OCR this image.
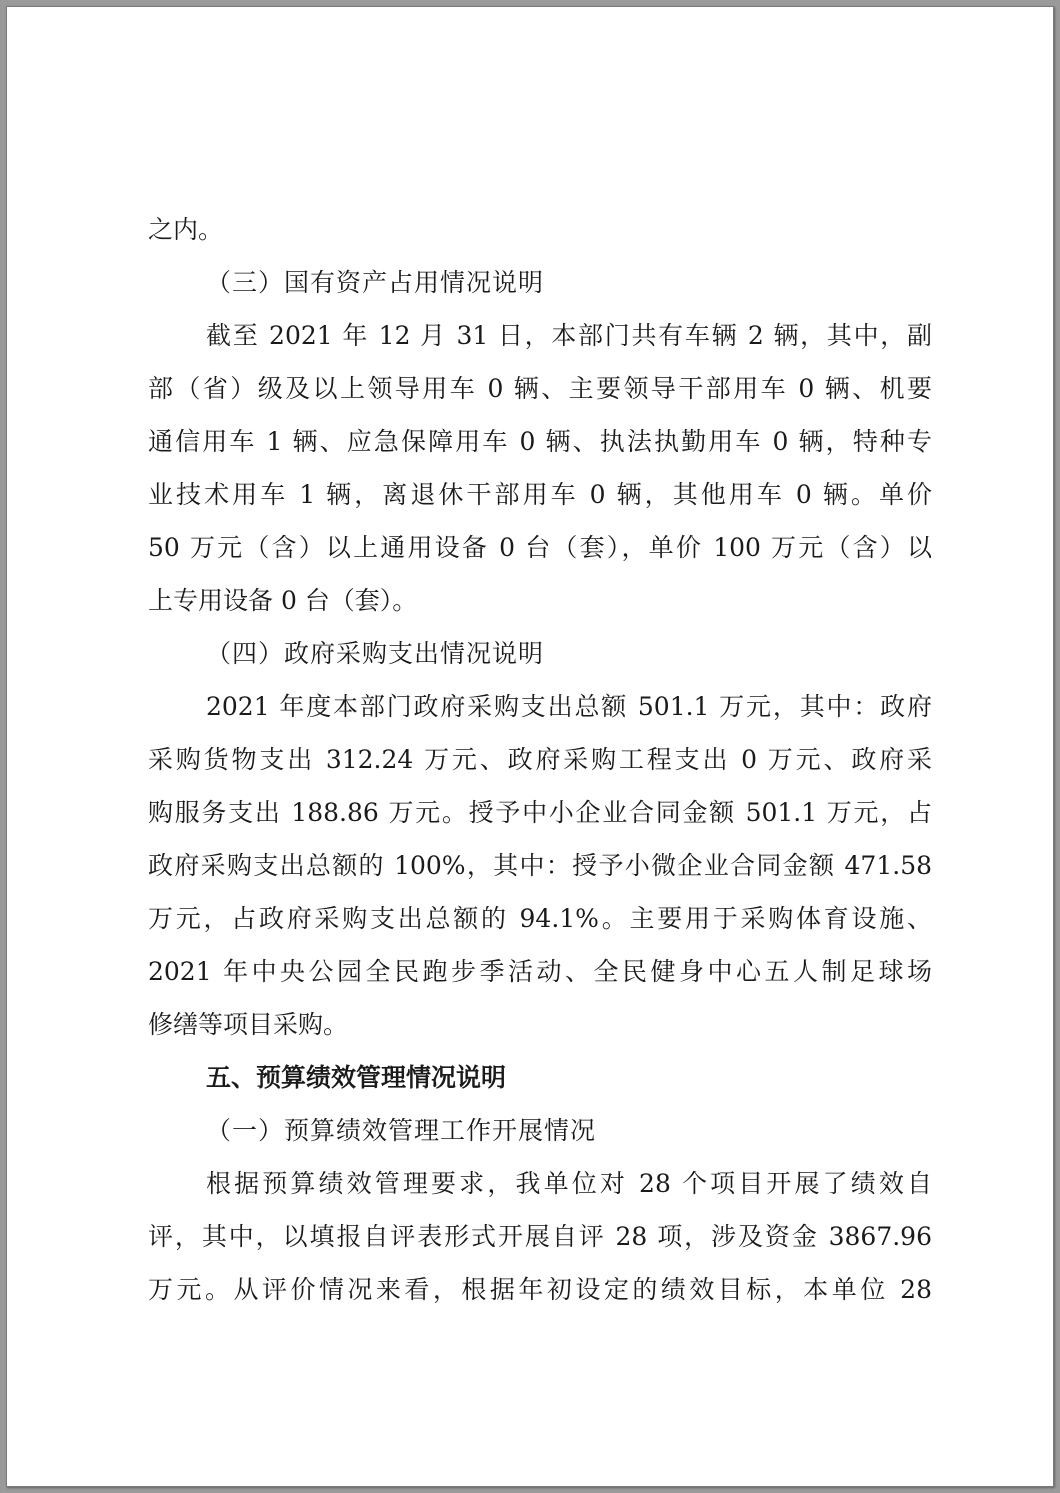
之内。
（三）国有资产占用情况说明
截至 2021 年 12 月 31 日，本部门共有车辆 2 辆，其中，副
部（省）级及以上领导用车 0 辆、主要领导干部用车 0 辆、机要
通信用车 1 辆、应急保障用车 0 辆、执法执勤用车 0 辆，特种专
业技术用车 1 辆，离退休干部用车 0 辆，其他用车 0 辆。单价
50 万元（含）以上通用设备 0 台（套），单价 100 万元（含）以
上专用设备 0 台（套）。
（四）政府采购支出情况说明
2021 年度本部门政府采购支出总额 501.1 万元，其中：政府
采购货物支出 312.24 万元、政府采购工程支出 0 万元、政府采
购服务支出 188.86 万元。授予中小企业合同金额 501.1 万元，占
政府采购支出总额的 100%，其中：授予小微企业合同金额 471.58
万元，占政府采购支出总额的 94.1%。主要用于采购体育设施、
2021 年中央公园全民跑步季活动、全民健身中心五人制足球场
修缮等项目采购。
五、预算绩效管理情况说明
（一）预算绩效管理工作开展情况
根据预算绩效管理要求，我单位对 28 个项目开展了绩效自
评，其中，以填报自评表形式开展自评 28 项，涉及资金 3867.96
万元。从评价情况来看，根据年初设定的绩效目标，本单位 28
